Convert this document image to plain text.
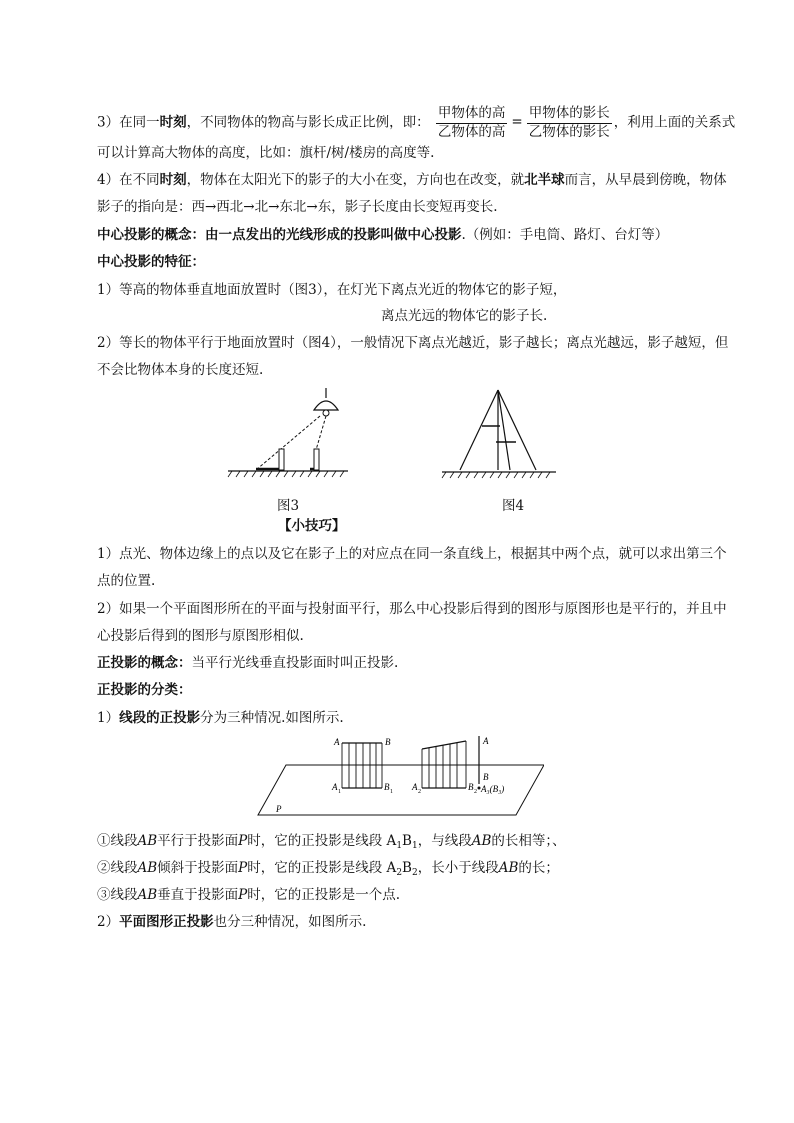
3）在同一时刻，不同物体的物高与影长成正比例，即： $\frac{\text{甲物体的高}}{\text{乙物体的高}} = \frac{\text{甲物体的影长}}{\text{乙物体的影长}}$ ，利用上面的关系式
可以计算高大物体的高度，比如：旗杆/树/楼房的高度等.
4）在不同时刻，物体在太阳光下的影子的大小在变，方向也在改变，就北半球而言，从早晨到傍晚，物体
影子的指向是：西→西北→北→东北→东，影子长度由长变短再变长.
中心投影的概念：由一点发出的光线形成的投影叫做中心投影.（例如：手电筒、路灯、台灯等）
中心投影的特征：
1）等高的物体垂直地面放置时（图3），在灯光下离点光近的物体它的影子短，
离点光远的物体它的影子长.
2）等长的物体平行于地面放置时（图4），一般情况下离点光越近，影子越长；离点光越远，影子越短，但
不会比物体本身的长度还短.
图3	图4
【小技巧】
1）点光、物体边缘上的点以及它在影子上的对应点在同一条直线上，根据其中两个点，就可以求出第三个
点的位置.
2）如果一个平面图形所在的平面与投射面平行，那么中心投影后得到的图形与原图形也是平行的，并且中
心投影后得到的图形与原图形相似.
正投影的概念：当平行光线垂直投影面时叫正投影.
正投影的分类：
1）线段的正投影分为三种情况.如图所示.
A	B
A 1	B 1 A 2	B 2
A
B
A₃(B₃)
P
①线段AB平行于投影面P时，它的正投影是线段 $A_1B_1$，与线段AB的长相等；、
②线段AB倾斜于投影面P时，它的正投影是线段 $A_2B_2$，长小于线段AB的长；
③线段AB垂直于投影面P时，它的正投影是一个点.
2）平面图形正投影也分三种情况，如图所示.
